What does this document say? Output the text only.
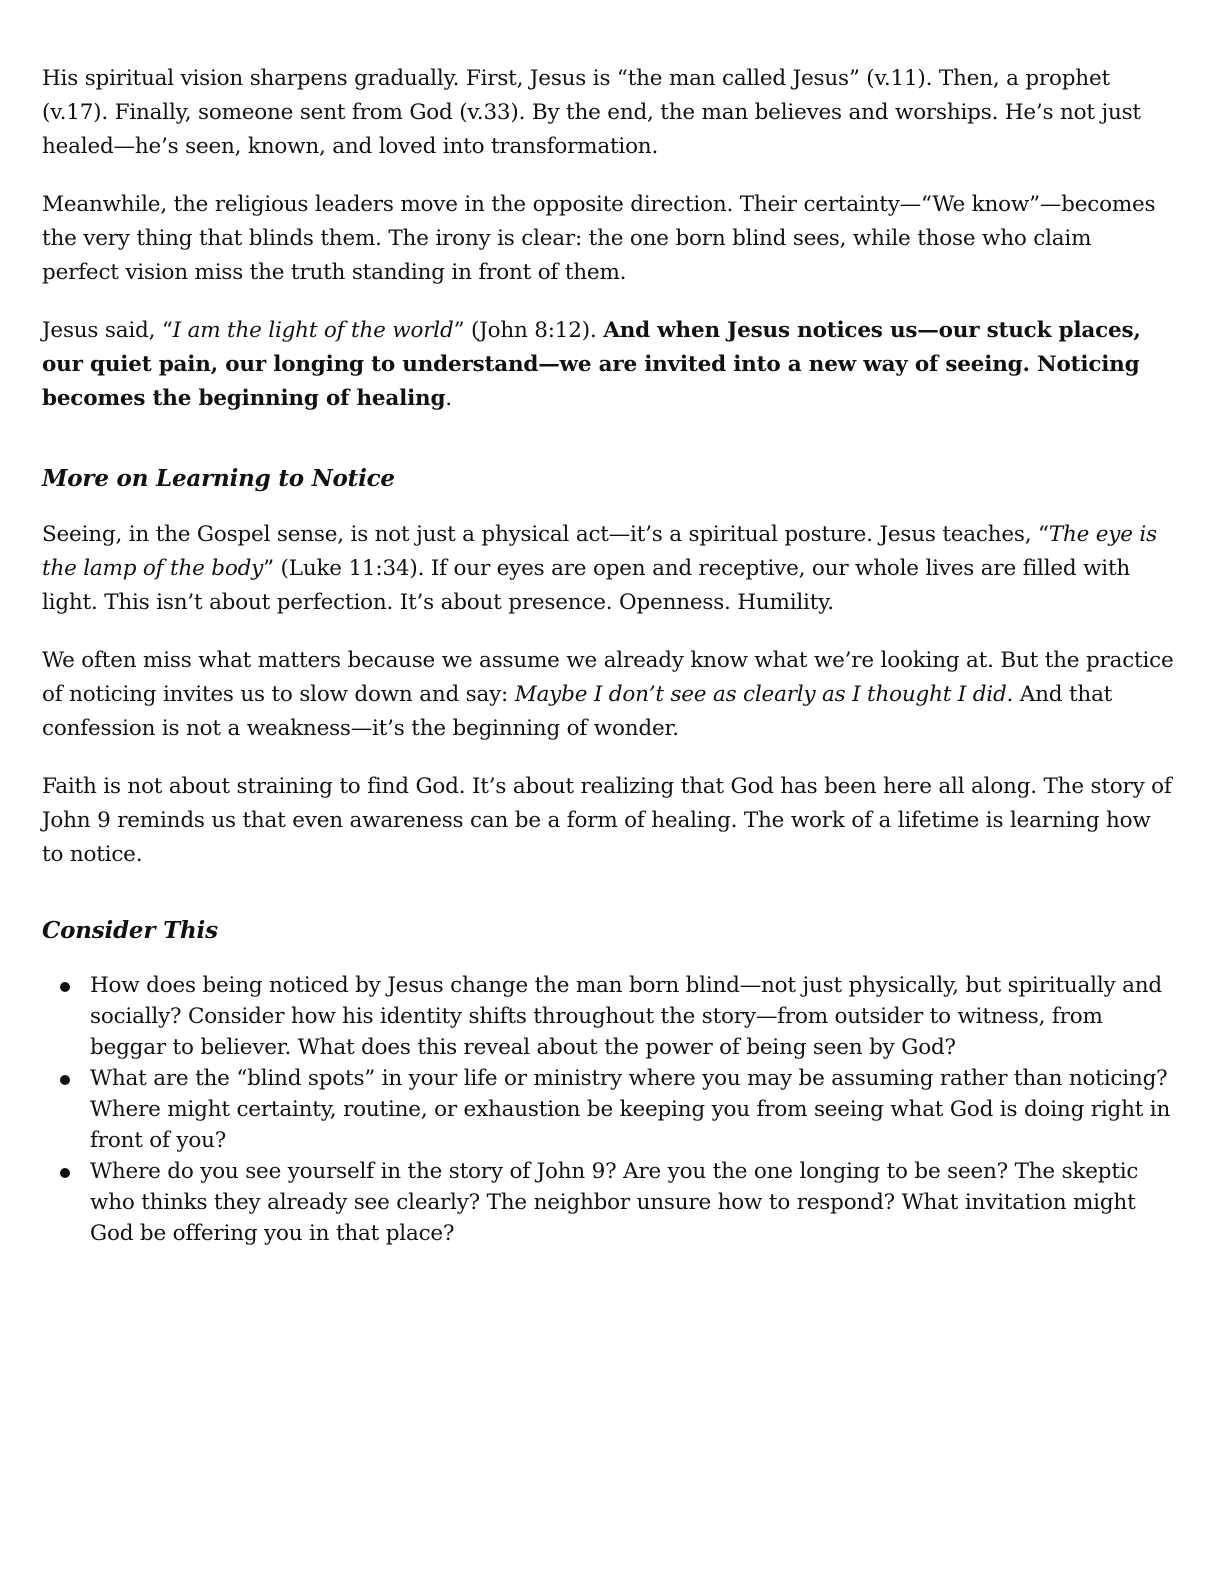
His spiritual vision sharpens gradually. First, Jesus is “the man called Jesus” (v.11). Then, a prophet (v.17). Finally, someone sent from God (v.33). By the end, the man believes and worships. He’s not just healed—he’s seen, known, and loved into transformation.

Meanwhile, the religious leaders move in the opposite direction. Their certainty—“We know”—becomes the very thing that blinds them. The irony is clear: the one born blind sees, while those who claim perfect vision miss the truth standing in front of them.

Jesus said, “I am the light of the world” (John 8:12). And when Jesus notices us—our stuck places, our quiet pain, our longing to understand—we are invited into a new way of seeing. Noticing becomes the beginning of healing.

More on Learning to Notice

Seeing, in the Gospel sense, is not just a physical act—it’s a spiritual posture. Jesus teaches, “The eye is the lamp of the body” (Luke 11:34). If our eyes are open and receptive, our whole lives are filled with light. This isn’t about perfection. It’s about presence. Openness. Humility.

We often miss what matters because we assume we already know what we’re looking at. But the practice of noticing invites us to slow down and say: Maybe I don’t see as clearly as I thought I did. And that confession is not a weakness—it’s the beginning of wonder.

Faith is not about straining to find God. It’s about realizing that God has been here all along. The story of John 9 reminds us that even awareness can be a form of healing. The work of a lifetime is learning how to notice.

Consider This
How does being noticed by Jesus change the man born blind—not just physically, but spiritually and socially? Consider how his identity shifts throughout the story—from outsider to witness, from beggar to believer. What does this reveal about the power of being seen by God?
What are the “blind spots” in your life or ministry where you may be assuming rather than noticing? Where might certainty, routine, or exhaustion be keeping you from seeing what God is doing right in front of you?
Where do you see yourself in the story of John 9? Are you the one longing to be seen? The skeptic who thinks they already see clearly? The neighbor unsure how to respond? What invitation might God be offering you in that place?
